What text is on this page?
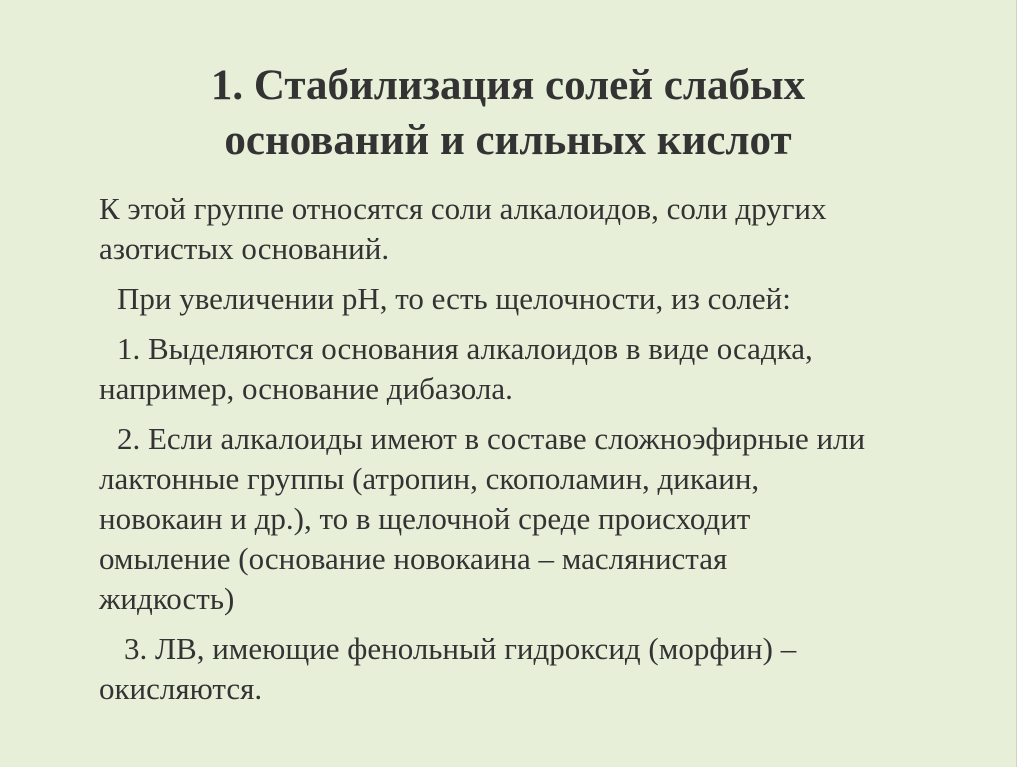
1. Стабилизация солей слабых
оснований и сильных кислот

К этой группе относятся соли алкалоидов, соли других
азотистых оснований.

При увеличении рН, то есть щелочности, из солей:

1. Выделяются основания алкалоидов в виде осадка,
например, основание дибазола.

2. Если алкалоиды имеют в составе сложноэфирные или
лактонные группы (атропин, скополамин, дикаин,
новокаин и др.), то в щелочной среде происходит
омыление (основание новокаина – маслянистая
жидкость)

3. ЛВ, имеющие фенольный гидроксид (морфин) –
окисляются.
